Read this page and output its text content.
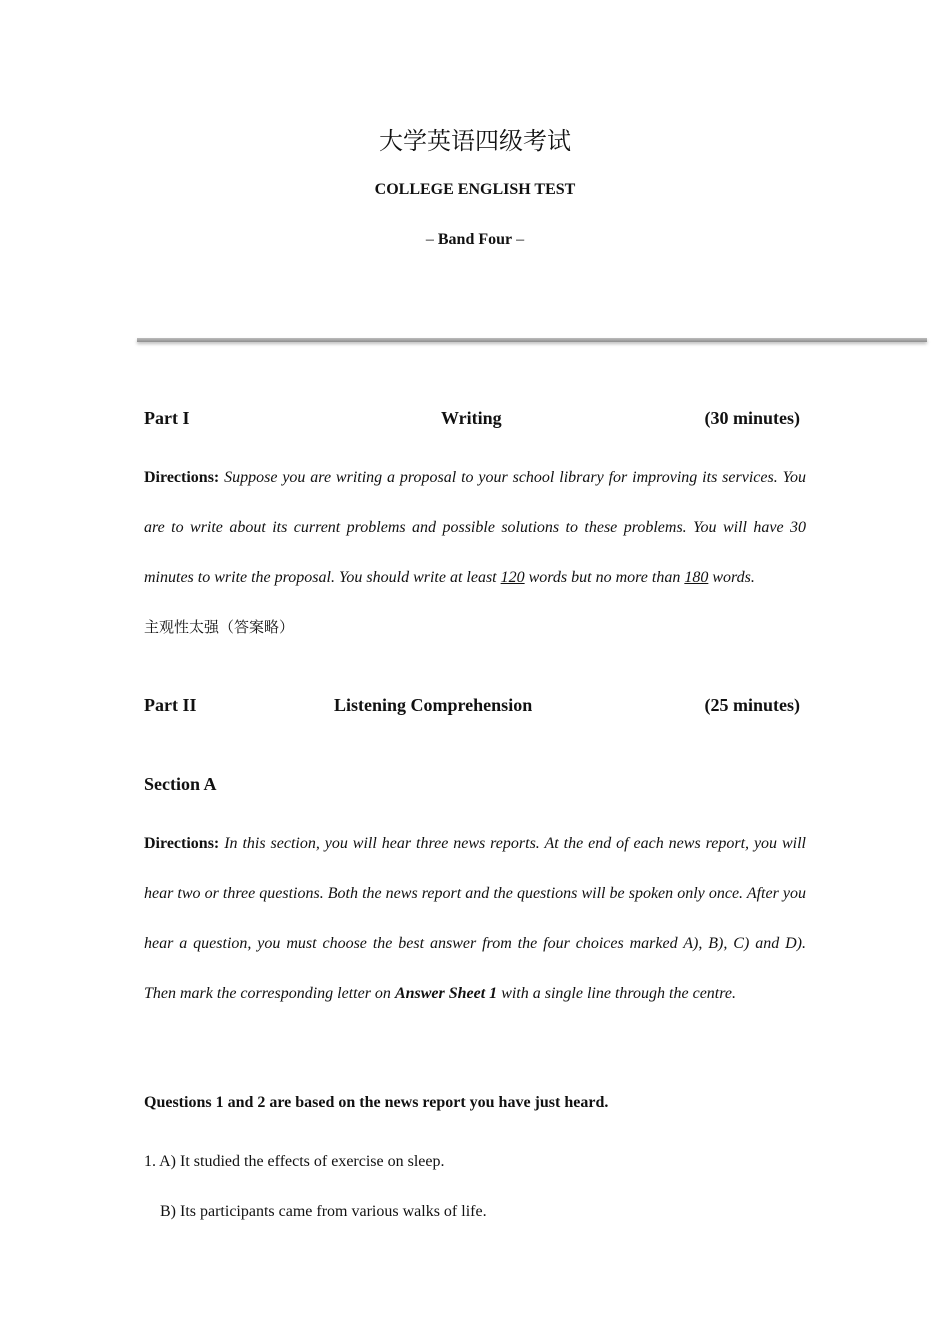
大学英语四级考试
COLLEGE ENGLISH TEST
– Band Four –
Part I	Writing	(30 minutes)
Directions: Suppose you are writing a proposal to your school library for improving its services. You are to write about its current problems and possible solutions to these problems. You will have 30 minutes to write the proposal. You should write at least 120 words but no more than 180 words.
主观性太强（答案略）
Part II	Listening Comprehension	(25 minutes)
Section A
Directions: In this section, you will hear three news reports. At the end of each news report, you will hear two or three questions. Both the news report and the questions will be spoken only once. After you hear a question, you must choose the best answer from the four choices marked A), B), C) and D). Then mark the corresponding letter on Answer Sheet 1 with a single line through the centre.
Questions 1 and 2 are based on the news report you have just heard.
1. A) It studied the effects of exercise on sleep.
B) Its participants came from various walks of life.
